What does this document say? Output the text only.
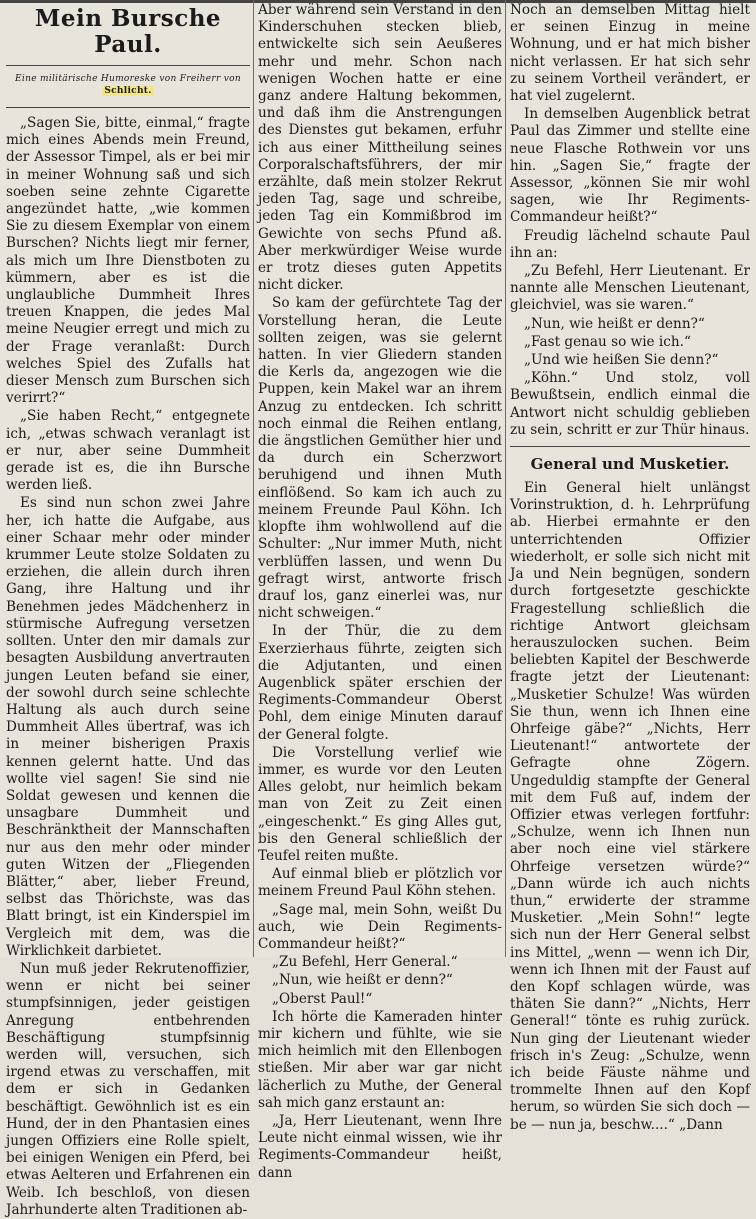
Mein Bursche Paul.
Eine militärische Humoreske von Freiherr von Schlicht.

„Sagen Sie, bitte, einmal,“ fragte mich eines Abends mein Freund, der Assessor Timpel, als er bei mir in meiner Wohnung saß und sich soeben seine zehnte Cigarette angezündet hatte, „wie kommen Sie zu diesem Exemplar von einem Burschen? Nichts liegt mir ferner, als mich um Ihre Dienstboten zu kümmern, aber es ist die unglaubliche Dummheit Ihres treuen Knappen, die jedes Mal meine Neugier erregt und mich zu der Frage veranlaßt: Durch welches Spiel des Zufalls hat dieser Mensch zum Burschen sich verirrt?“

„Sie haben Recht,“ entgegnete ich, „etwas schwach veranlagt ist er nur, aber seine Dummheit gerade ist es, die ihn Bursche werden ließ.

Es sind nun schon zwei Jahre her, ich hatte die Aufgabe, aus einer Schaar mehr oder minder krummer Leute stolze Soldaten zu erziehen, die allein durch ihren Gang, ihre Haltung und ihr Benehmen jedes Mädchenherz in stürmische Aufregung versetzen sollten. Unter den mir damals zur besagten Ausbildung anvertrauten jungen Leuten befand sie einer, der sowohl durch seine schlechte Haltung als auch durch seine Dummheit Alles übertraf, was ich in meiner bisherigen Praxis kennen gelernt hatte. Und das wollte viel sagen! Sie sind nie Soldat gewesen und kennen die unsagbare Dummheit und Beschränktheit der Mannschaften nur aus den mehr oder minder guten Witzen der „Fliegenden Blätter,“ aber, lieber Freund, selbst das Thörichste, was das Blatt bringt, ist ein Kinderspiel im Vergleich mit dem, was die Wirklichkeit darbietet.

Nun muß jeder Rekrutenoffizier, wenn er nicht bei seiner stumpfsinnigen, jeder geistigen Anregung entbehrenden Beschäftigung stumpfsinnig werden will, versuchen, sich irgend etwas zu verschaffen, mit dem er sich in Gedanken beschäftigt. Gewöhnlich ist es ein Hund, der in den Phantasien eines jungen Offiziers eine Rolle spielt, bei einigen Wenigen ein Pferd, bei etwas Aelteren und Erfahrenen ein Weib. Ich beschloß, von diesen Jahrhunderte alten Traditionen ab-

Aber während sein Verstand in den Kinderschuhen stecken blieb, entwickelte sich sein Aeußeres mehr und mehr. Schon nach wenigen Wochen hatte er eine ganz andere Haltung bekommen, und daß ihm die Anstrengungen des Dienstes gut bekamen, erfuhr ich aus einer Mittheilung seines Corporalschaftsführers, der mir erzählte, daß mein stolzer Rekrut jeden Tag, sage und schreibe, jeden Tag ein Kommißbrod im Gewichte von sechs Pfund aß. Aber merkwürdiger Weise wurde er trotz dieses guten Appetits nicht dicker.

So kam der gefürchtete Tag der Vorstellung heran, die Leute sollten zeigen, was sie gelernt hatten. In vier Gliedern standen die Kerls da, angezogen wie die Puppen, kein Makel war an ihrem Anzug zu entdecken. Ich schritt noch einmal die Reihen entlang, die ängstlichen Gemüther hier und da durch ein Scherzwort beruhigend und ihnen Muth einflößend. So kam ich auch zu meinem Freunde Paul Köhn. Ich klopfte ihm wohlwollend auf die Schulter: „Nur immer Muth, nicht verblüffen lassen, und wenn Du gefragt wirst, antworte frisch drauf los, ganz einerlei was, nur nicht schweigen.“

In der Thür, die zu dem Exerzierhaus führte, zeigten sich die Adjutanten, und einen Augenblick später erschien der Regiments-Commandeur Oberst Pohl, dem einige Minuten darauf der General folgte.

Die Vorstellung verlief wie immer, es wurde vor den Leuten Alles gelobt, nur heimlich bekam man von Zeit zu Zeit einen „eingeschenkt.“ Es ging Alles gut, bis den General schließlich der Teufel reiten mußte.

Auf einmal blieb er plötzlich vor meinem Freund Paul Köhn stehen.

„Sage mal, mein Sohn, weißt Du auch, wie Dein Regiments-Commandeur heißt?“

„Zu Befehl, Herr General.“

„Nun, wie heißt er denn?“

„Oberst Paul!“

Ich hörte die Kameraden hinter mir kichern und fühlte, wie sie mich heimlich mit den Ellenbogen stießen. Mir aber war gar nicht lächerlich zu Muthe, der General sah mich ganz erstaunt an:

„Ja, Herr Lieutenant, wenn Ihre Leute nicht einmal wissen, wie ihr Regiments-Commandeur heißt, dann

Noch an demselben Mittag hielt er seinen Einzug in meine Wohnung, und er hat mich bisher nicht verlassen. Er hat sich sehr zu seinem Vortheil verändert, er hat viel zugelernt.

In demselben Augenblick betrat Paul das Zimmer und stellte eine neue Flasche Rothwein vor uns hin. „Sagen Sie,“ fragte der Assessor, „können Sie mir wohl sagen, wie Ihr Regiments-Commandeur heißt?“

Freudig lächelnd schaute Paul ihn an:

„Zu Befehl, Herr Lieutenant. Er nannte alle Menschen Lieutenant, gleichviel, was sie waren.“

„Nun, wie heißt er denn?“

„Fast genau so wie ich.“

„Und wie heißen Sie denn?“

„Köhn.“ Und stolz, voll Bewußtsein, endlich einmal die Antwort nicht schuldig geblieben zu sein, schritt er zur Thür hinaus.

General und Musketier.

Ein General hielt unlängst Vorinstruktion, d. h. Lehrprüfung ab. Hierbei ermahnte er den unterrichtenden Offizier wiederholt, er solle sich nicht mit Ja und Nein begnügen, sondern durch fortgesetzte geschickte Fragestellung schließlich die richtige Antwort gleichsam herauszulocken suchen. Beim beliebten Kapitel der Beschwerde fragte jetzt der Lieutenant: „Musketier Schulze! Was würden Sie thun, wenn ich Ihnen eine Ohrfeige gäbe?“ „Nichts, Herr Lieutenant!“ antwortete der Gefragte ohne Zögern. Ungeduldig stampfte der General mit dem Fuß auf, indem der Offizier etwas verlegen fortfuhr: „Schulze, wenn ich Ihnen nun aber noch eine viel stärkere Ohrfeige versetzen würde?“ „Dann würde ich auch nichts thun,“ erwiderte der stramme Musketier. „Mein Sohn!“ legte sich nun der Herr General selbst ins Mittel, „wenn — wenn ich Dir, wenn ich Ihnen mit der Faust auf den Kopf schlagen würde, was thäten Sie dann?“ „Nichts, Herr General!“ tönte es ruhig zurück. Nun ging der Lieutenant wieder frisch in's Zeug: „Schulze, wenn ich beide Fäuste nähme und trommelte Ihnen auf den Kopf herum, so würden Sie sich doch — be — nun ja, beschw....“ „Dann
